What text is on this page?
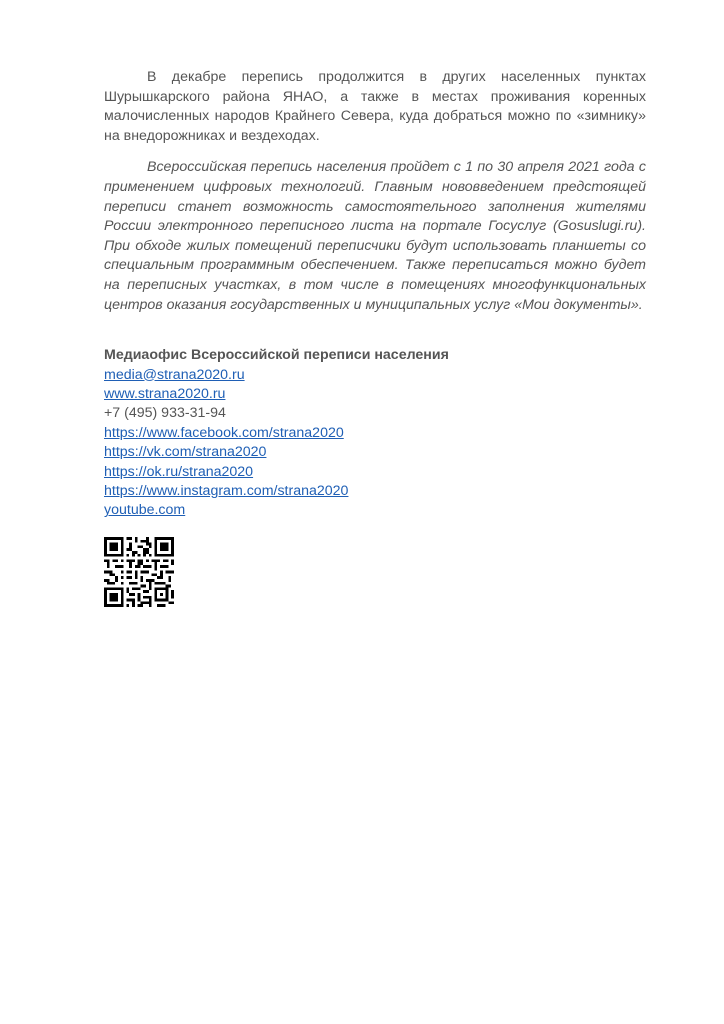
В декабре перепись продолжится в других населенных пунктах Шурышкарского района ЯНАО, а также в местах проживания коренных малочисленных народов Крайнего Севера, куда добраться можно по «зимнику» на внедорожниках и вездеходах.

Всероссийская перепись населения пройдет с 1 по 30 апреля 2021 года с применением цифровых технологий. Главным нововведением предстоящей переписи станет возможность самостоятельного заполнения жителями России электронного переписного листа на портале Госуслуг (Gosuslugi.ru). При обходе жилых помещений переписчики будут использовать планшеты со специальным программным обеспечением. Также переписаться можно будет на переписных участках, в том числе в помещениях многофункциональных центров оказания государственных и муниципальных услуг «Мои документы».

Медиаофис Всероссийской переписи населения
media@strana2020.ru
www.strana2020.ru
+7 (495) 933-31-94
https://www.facebook.com/strana2020
https://vk.com/strana2020
https://ok.ru/strana2020
https://www.instagram.com/strana2020
youtube.com
